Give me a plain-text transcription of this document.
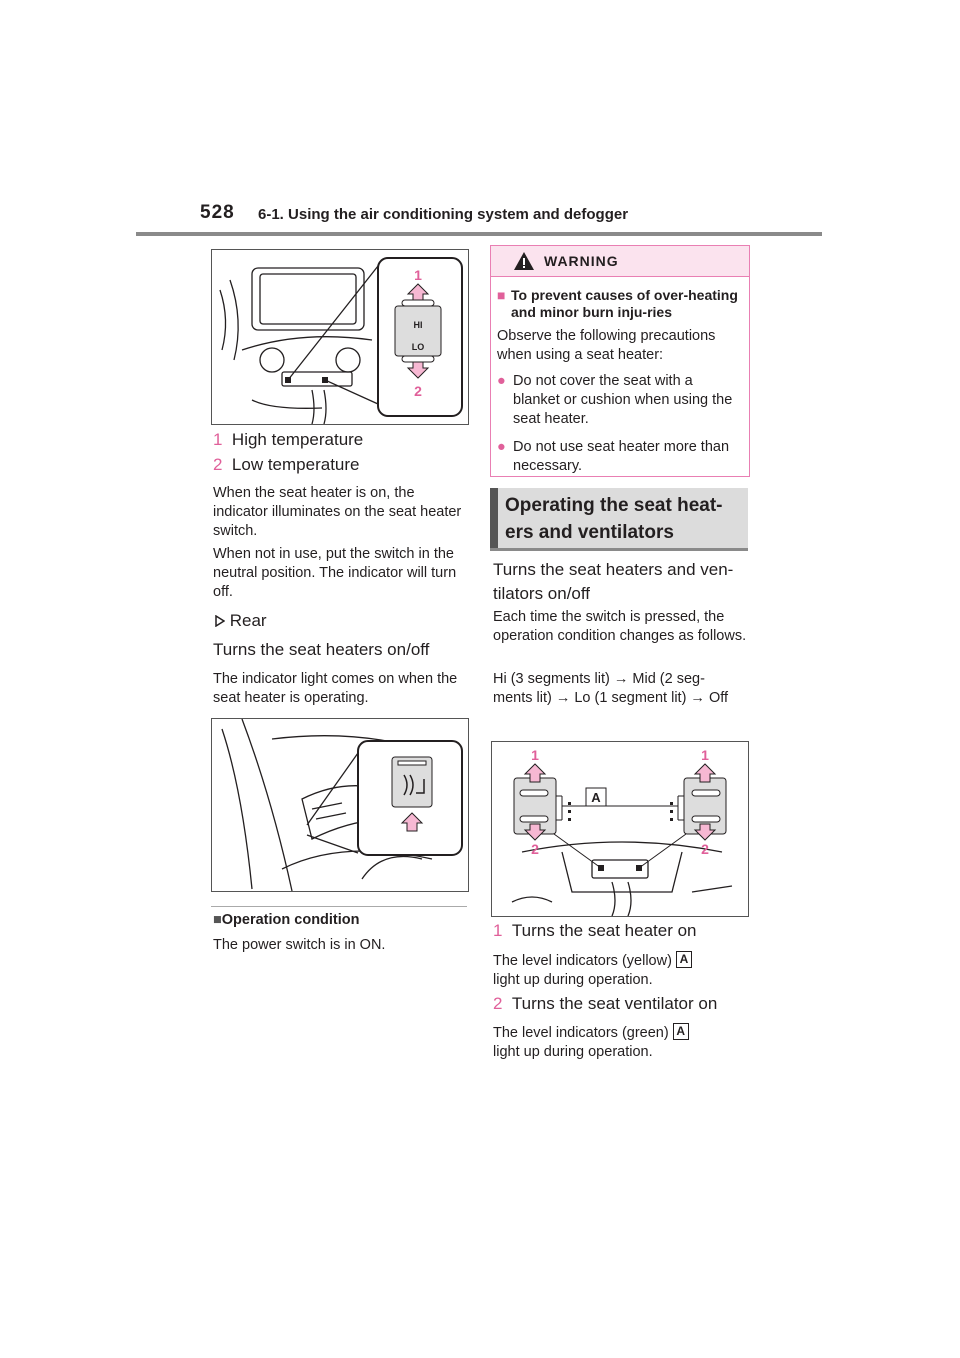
528 6-1. Using the air conditioning system and defogger
HI
LO
1
2
1 High temperature
2 Low temperature
When the seat heater is on, the indicator illuminates on the seat heater switch.
When not in use, put the switch in the neutral position. The indicator will turn off.
Rear
Turns the seat heaters on/off
The indicator light comes on when the seat heater is operating.
■Operation condition
The power switch is in ON.
WARNING
■ To prevent causes of over-heating and minor burn inju-ries
Observe the following precautions when using a seat heater:
● Do not cover the seat with a blanket or cushion when using the seat heater.
● Do not use seat heater more than necessary.
Operating the seat heat-ers and ventilators
Turns the seat heaters and ven-tilators on/off
Each time the switch is pressed, the operation condition changes as follows.
Hi (3 segments lit) → Mid (2 seg-ments lit) → Lo (1 segment lit) → Off
A
1	1
2	2
1 Turns the seat heater on
The level indicators (yellow) A
light up during operation.
2 Turns the seat ventilator on
The level indicators (green) A
light up during operation.
